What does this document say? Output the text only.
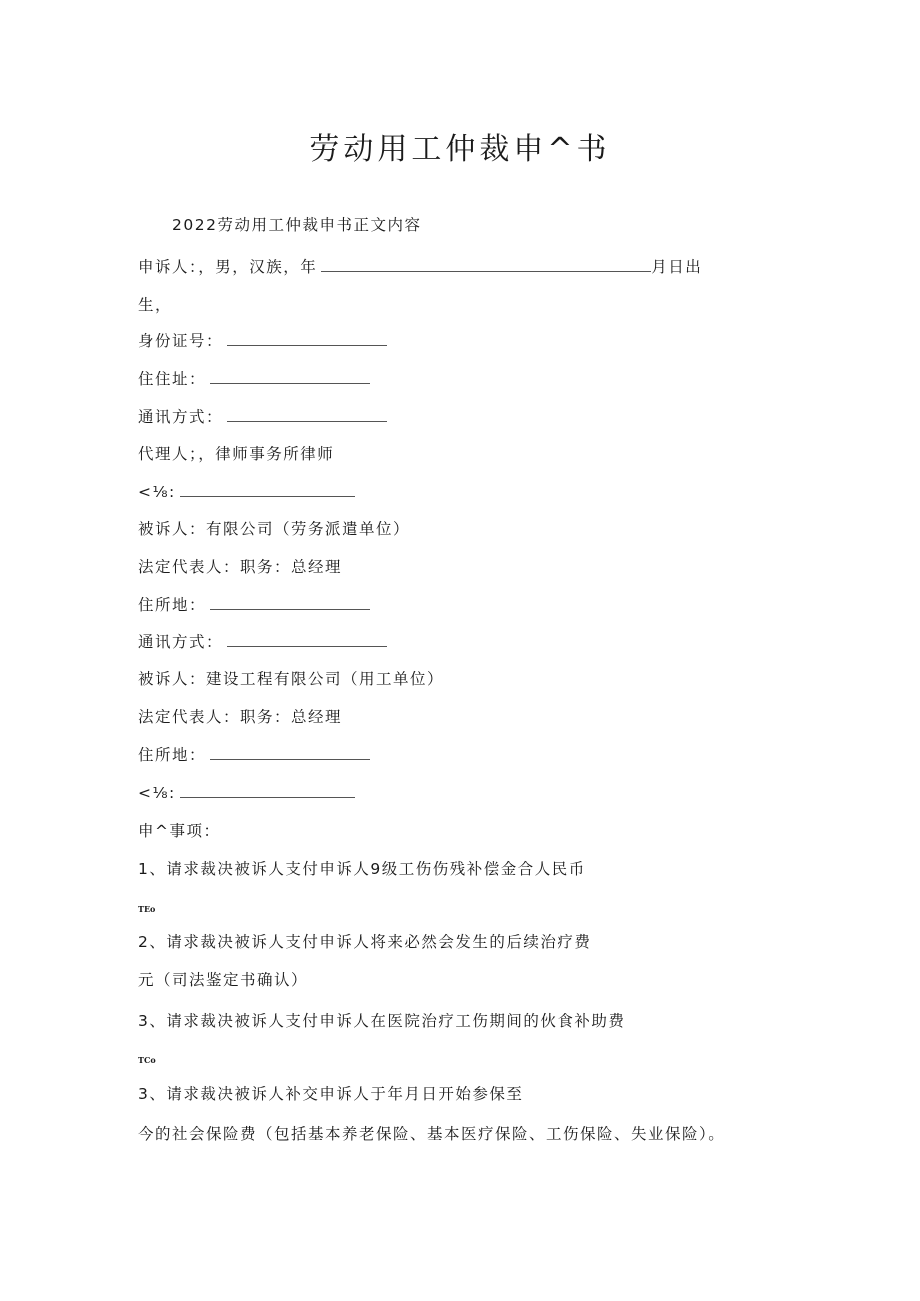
劳动用工仲裁申^书
2022劳动用工仲裁申书正文内容
申诉人：，男，汉族，年	月日出
生，
身份证号：
住住址：
通讯方式：
代理人；，律师事务所律师
<⅛:
被诉人：有限公司（劳务派遣单位）
法定代表人：职务：总经理
住所地：
通讯方式：
被诉人：建设工程有限公司（用工单位）
法定代表人：职务：总经理
住所地：
<⅛:
申^事项：
1、请求裁决被诉人支付申诉人9级工伤伤残补偿金合人民币
TEo
2、请求裁决被诉人支付申诉人将来必然会发生的后续治疗费
元（司法鉴定书确认）
3、请求裁决被诉人支付申诉人在医院治疗工伤期间的伙食补助费
TCo
3、请求裁决被诉人补交申诉人于年月日开始参保至
今的社会保险费（包括基本养老保险、基本医疗保险、工伤保险、失业保险）。
